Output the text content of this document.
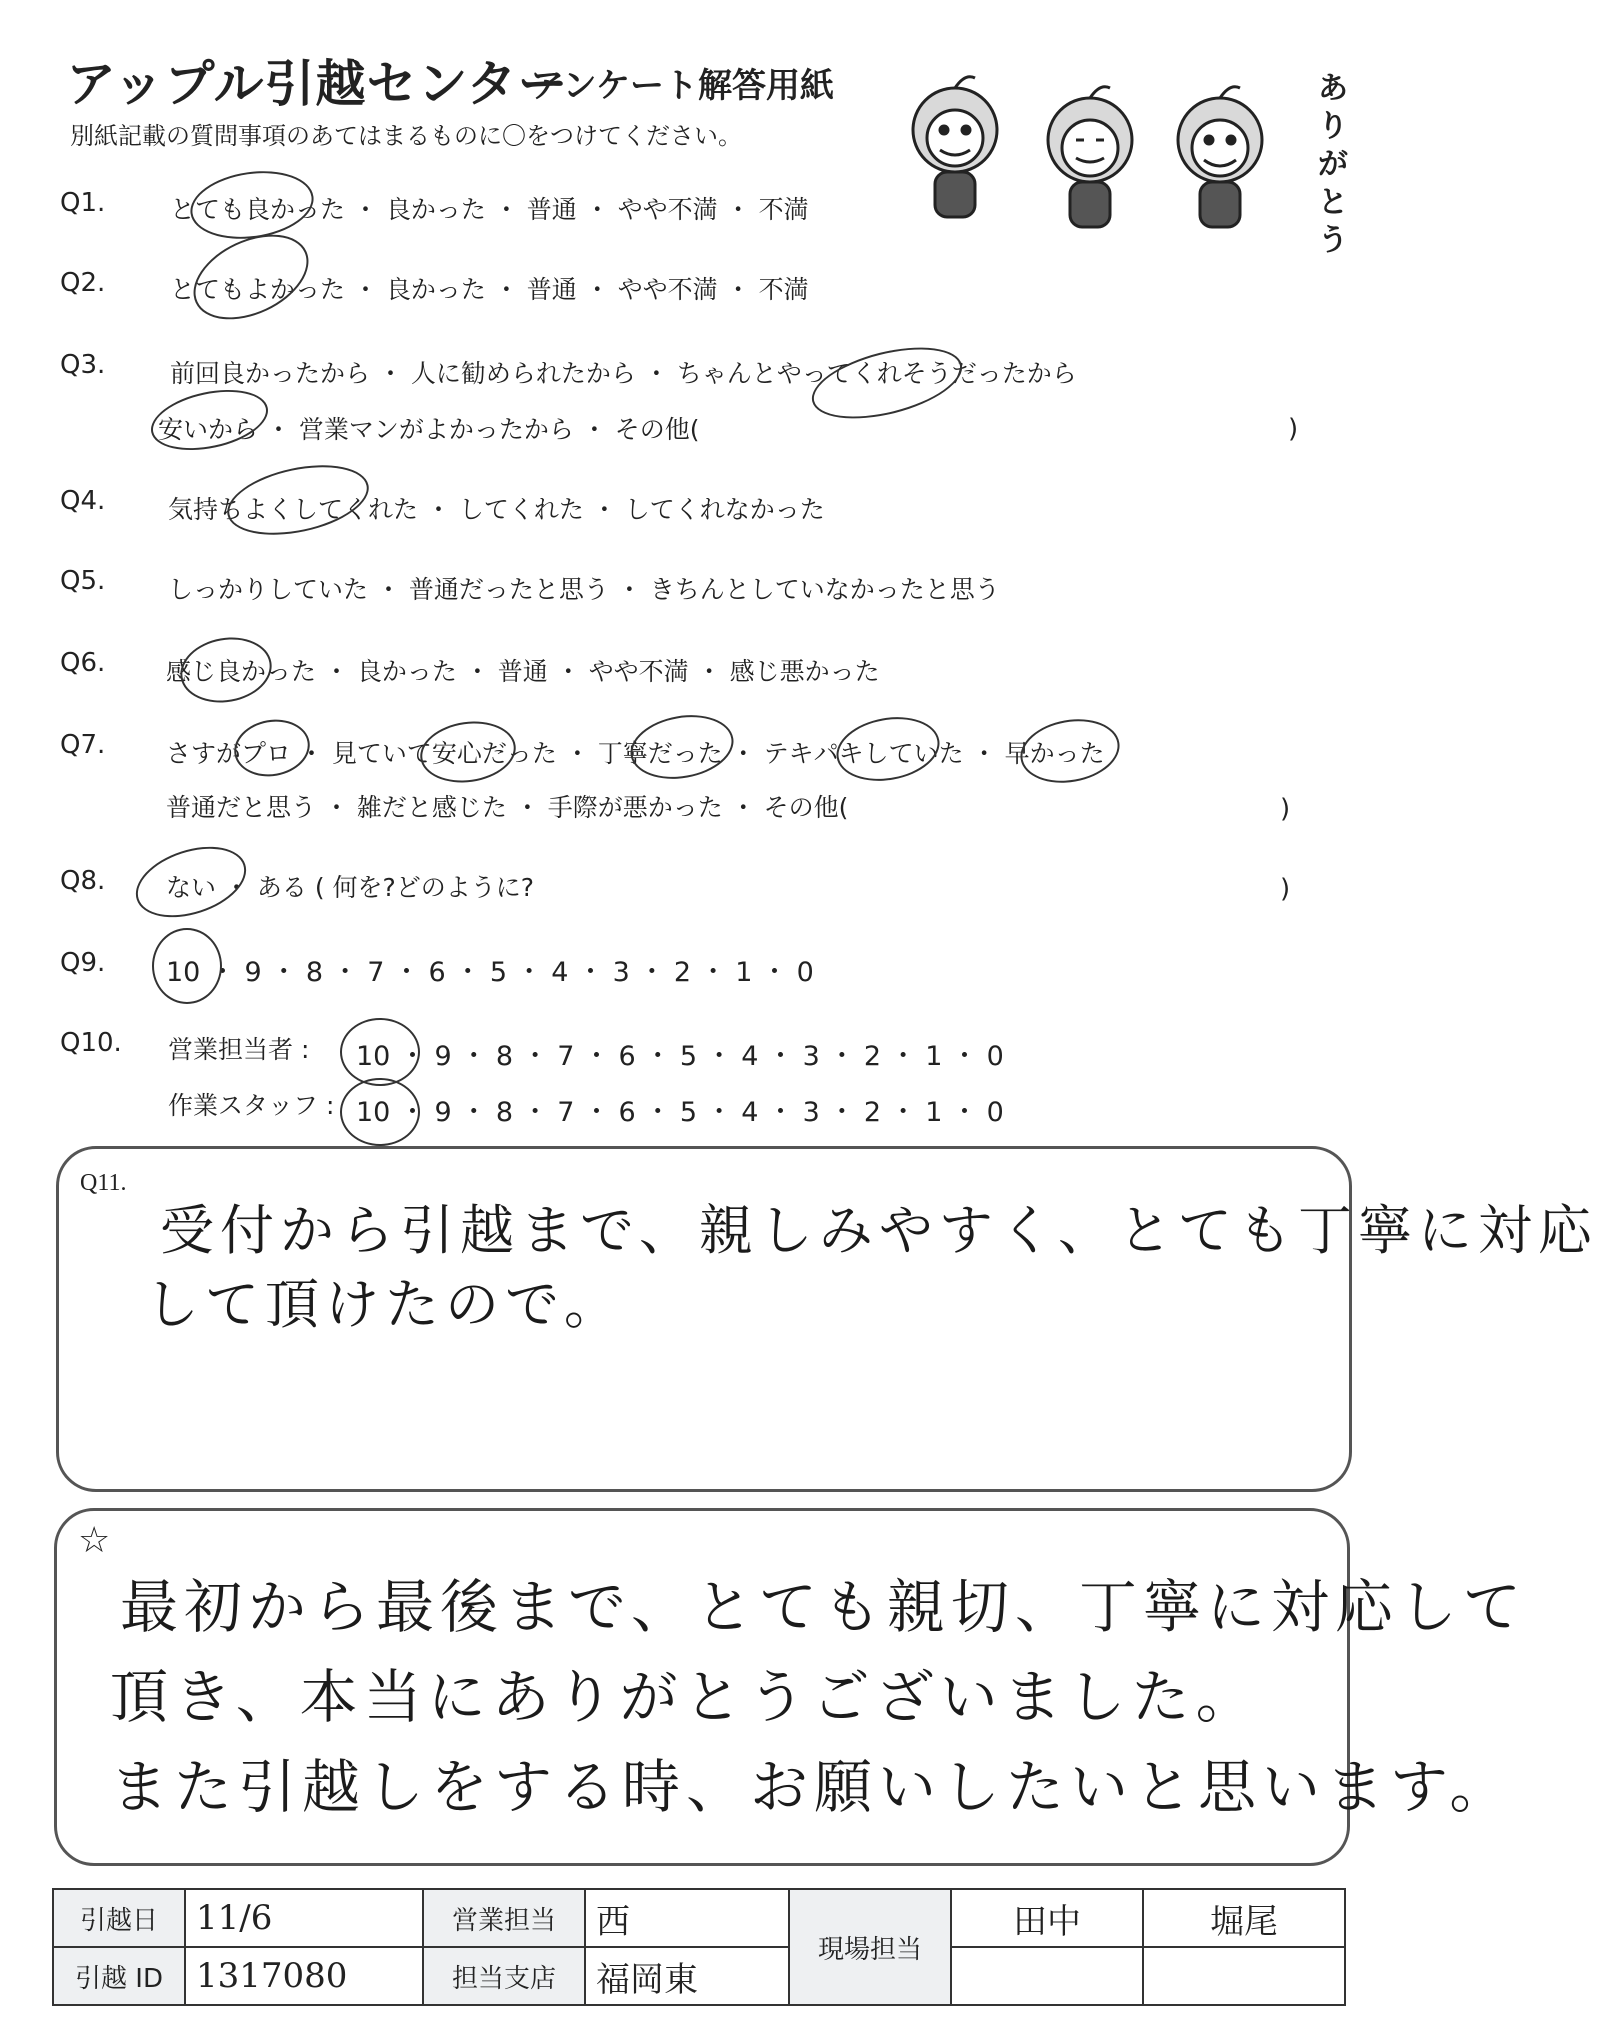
アップル引越センター
アンケート解答用紙
別紙記載の質問事項のあてはまるものに〇をつけてください。
ありがとう
Q1.	とても良かった ・ 良かった ・ 普通 ・ やや不満 ・ 不満
Q2.	とてもよかった ・ 良かった ・ 普通 ・ やや不満 ・ 不満
Q3.	前回良かったから ・ 人に勧められたから ・ ちゃんとやってくれそうだったから
安いから ・ 営業マンがよかったから ・ その他(	)
Q4.	気持ちよくしてくれた ・ してくれた ・ してくれなかった
Q5.	しっかりしていた ・ 普通だったと思う ・ きちんとしていなかったと思う
Q6. 感じ良かった ・ 良かった ・ 普通 ・ やや不満 ・ 感じ悪かった
Q7. さすがプロ ・ 見ていて安心だった ・ 丁寧だった ・ テキパキしていた ・ 早かった
普通だと思う ・ 雑だと感じた ・ 手際が悪かった ・ その他(	)
Q8. ない ・ ある ( 何を?どのように?	)
Q9. 10 ・ 9 ・ 8 ・ 7 ・ 6 ・ 5 ・ 4 ・ 3 ・ 2 ・ 1 ・ 0
Q10. 営業担当者 : 10 ・ 9 ・ 8 ・ 7 ・ 6 ・ 5 ・ 4 ・ 3 ・ 2 ・ 1 ・ 0
作業スタッフ : 10 ・ 9 ・ 8 ・ 7 ・ 6 ・ 5 ・ 4 ・ 3 ・ 2 ・ 1 ・ 0
Q11.
受付から引越まで、親しみやすく、とても丁寧に対応
して頂けたので。
☆
最初から最後まで、とても親切、丁寧に対応して
頂き、本当にありがとうございました。
また引越しをする時、お願いしたいと思います。
引越日	11/6	営業担当	西	現場担当	田中	堀尾
引越 ID	1317080	担当支店	福岡東			
